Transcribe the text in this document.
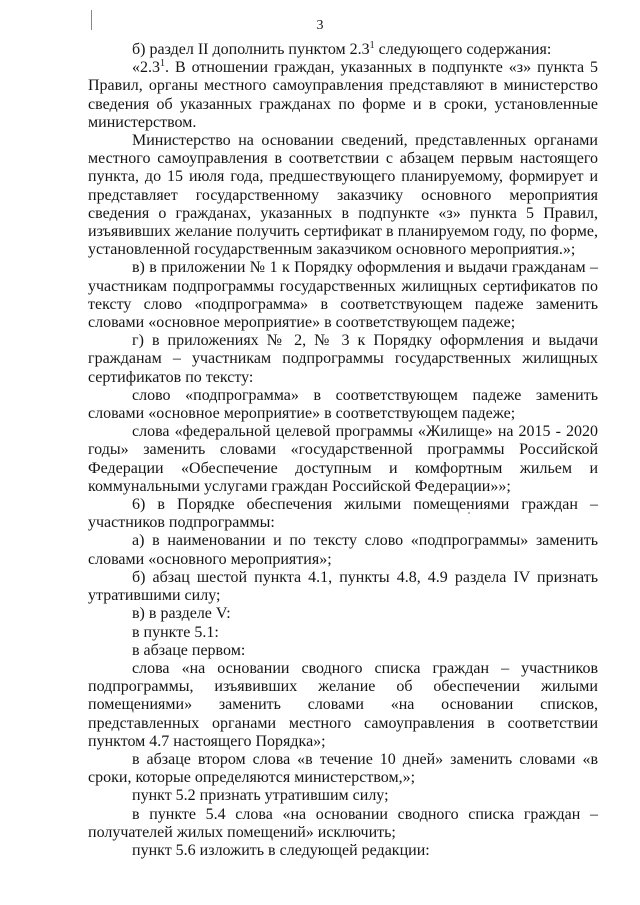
3

б) раздел II дополнить пунктом $2.3^1$ следующего содержания:

«$2.3^1$. В отношении граждан, указанных в подпункте «з» пункта 5 Правил, органы местного самоуправления представляют в министерство сведения об указанных гражданах по форме и в сроки, установленные министерством.

Министерство на основании сведений, представленных органами местного самоуправления в соответствии с абзацем первым настоящего пункта, до 15 июля года, предшествующего планируемому, формирует и представляет государственному заказчику основного мероприятия сведения о гражданах, указанных в подпункте «з» пункта 5 Правил, изъявивших желание получить сертификат в планируемом году, по форме, установленной государственным заказчиком основного мероприятия.»;

в) в приложении № 1 к Порядку оформления и выдачи гражданам – участникам подпрограммы государственных жилищных сертификатов по тексту слово «подпрограмма» в соответствующем падеже заменить словами «основное мероприятие» в соответствующем падеже;

г) в приложениях № 2, № 3 к Порядку оформления и выдачи гражданам – участникам подпрограммы государственных жилищных сертификатов по тексту:

слово «подпрограмма» в соответствующем падеже заменить словами «основное мероприятие» в соответствующем падеже;

слова «федеральной целевой программы «Жилище» на 2015 - 2020 годы» заменить словами «государственной программы Российской Федерации «Обеспечение доступным и комфортным жильем и коммунальными услугами граждан Российской Федерации»»;

6) в Порядке обеспечения жилыми помещениями граждан – участников подпрограммы:

а) в наименовании и по тексту слово «подпрограммы» заменить словами «основного мероприятия»;

б) абзац шестой пункта 4.1, пункты 4.8, 4.9 раздела IV признать утратившими силу;

в) в разделе V:

в пункте 5.1:

в абзаце первом:

слова «на основании сводного списка граждан – участников подпрограммы, изъявивших желание об обеспечении жилыми помещениями» заменить словами «на основании списков, представленных органами местного самоуправления в соответствии пунктом 4.7 настоящего Порядка»;

в абзаце втором слова «в течение 10 дней» заменить словами «в сроки, которые определяются министерством,»;

пункт 5.2 признать утратившим силу;

в пункте 5.4 слова «на основании сводного списка граждан – получателей жилых помещений» исключить;

пункт 5.6 изложить в следующей редакции:
